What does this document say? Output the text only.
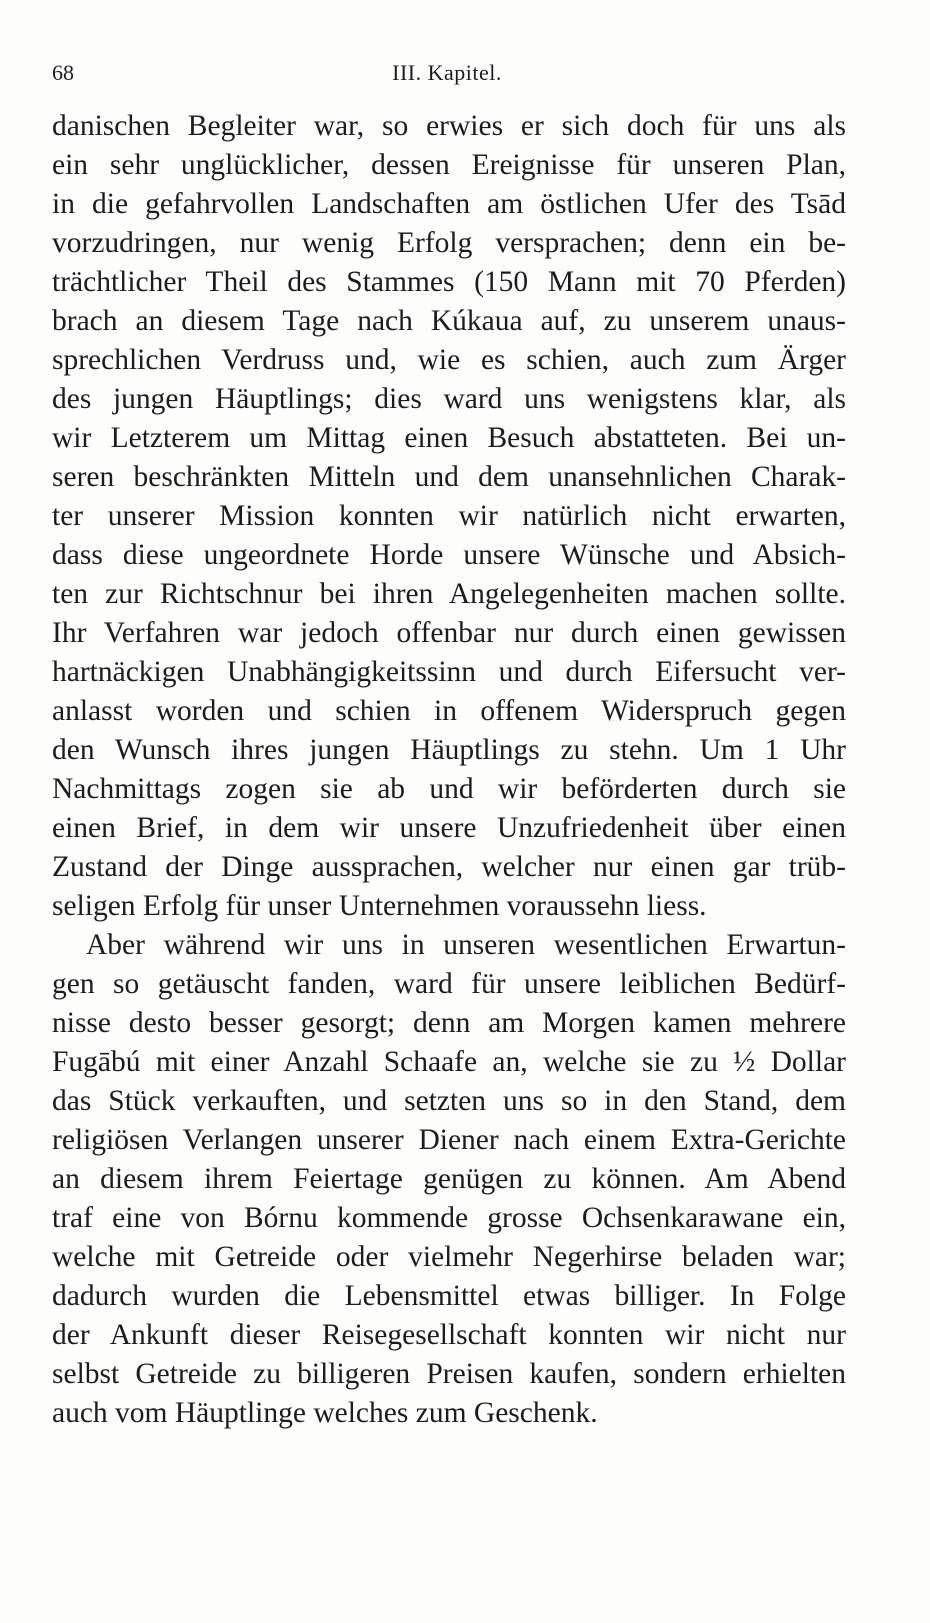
68	III. Kapitel.
danischen Begleiter war, so erwies er sich doch für uns als
ein sehr unglücklicher, dessen Ereignisse für unseren Plan,
in die gefahrvollen Landschaften am östlichen Ufer des Tsād
vorzudringen, nur wenig Erfolg versprachen; denn ein be-
trächtlicher Theil des Stammes (150 Mann mit 70 Pferden)
brach an diesem Tage nach Kúkaua auf, zu unserem unaus-
sprechlichen Verdruss und, wie es schien, auch zum Ärger
des jungen Häuptlings; dies ward uns wenigstens klar, als
wir Letzterem um Mittag einen Besuch abstatteten. Bei un-
seren beschränkten Mitteln und dem unansehnlichen Charak-
ter unserer Mission konnten wir natürlich nicht erwarten,
dass diese ungeordnete Horde unsere Wünsche und Absich-
ten zur Richtschnur bei ihren Angelegenheiten machen sollte.
Ihr Verfahren war jedoch offenbar nur durch einen gewissen
hartnäckigen Unabhängigkeitssinn und durch Eifersucht ver-
anlasst worden und schien in offenem Widerspruch gegen
den Wunsch ihres jungen Häuptlings zu stehn. Um 1 Uhr
Nachmittags zogen sie ab und wir beförderten durch sie
einen Brief, in dem wir unsere Unzufriedenheit über einen
Zustand der Dinge aussprachen, welcher nur einen gar trüb-
seligen Erfolg für unser Unternehmen voraussehn liess.
Aber während wir uns in unseren wesentlichen Erwartun-
gen so getäuscht fanden, ward für unsere leiblichen Bedürf-
nisse desto besser gesorgt; denn am Morgen kamen mehrere
Fugābú mit einer Anzahl Schaafe an, welche sie zu ½ Dollar
das Stück verkauften, und setzten uns so in den Stand, dem
religiösen Verlangen unserer Diener nach einem Extra-Gerichte
an diesem ihrem Feiertage genügen zu können. Am Abend
traf eine von Bórnu kommende grosse Ochsenkarawane ein,
welche mit Getreide oder vielmehr Negerhirse beladen war;
dadurch wurden die Lebensmittel etwas billiger. In Folge
der Ankunft dieser Reisegesellschaft konnten wir nicht nur
selbst Getreide zu billigeren Preisen kaufen, sondern erhielten
auch vom Häuptlinge welches zum Geschenk.
